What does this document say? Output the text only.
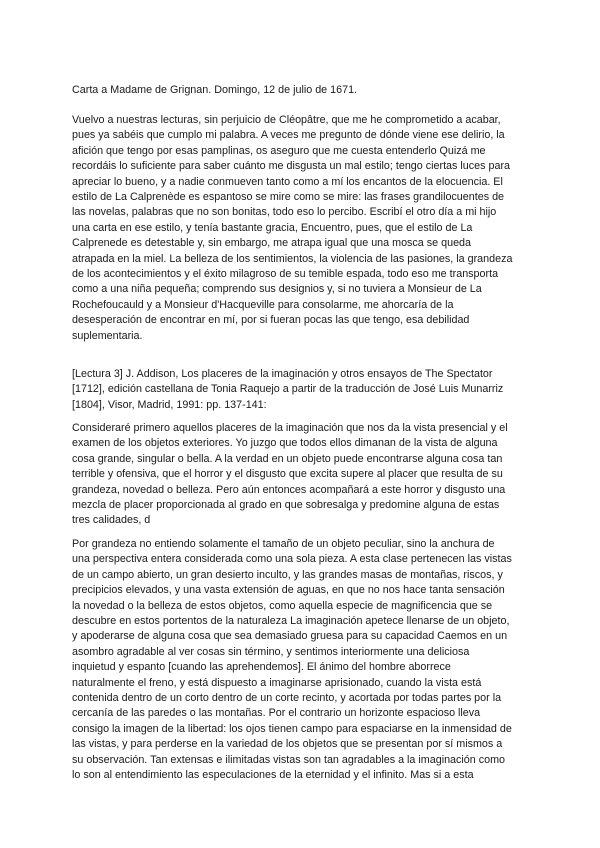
Carta a Madame de Grignan. Domingo, 12 de julio de 1671.

Vuelvo a nuestras lecturas, sin perjuicio de Cléopâtre, que me he comprometido a acabar,
pues ya sabéis que cumplo mi palabra. A veces me pregunto de dónde viene ese delirio, la
afición que tengo por esas pamplinas, os aseguro que me cuesta entenderlo Quizá me
recordáis lo suficiente para saber cuánto me disgusta un mal estilo; tengo ciertas luces para
apreciar lo bueno, y a nadie conmueven tanto como a mí los encantos de la elocuencia. El
estilo de La Calprenède es espantoso se mire como se mire: las frases grandilocuentes de
las novelas, palabras que no son bonitas, todo eso lo percibo. Escribí el otro día a mi hijo
una carta en ese estilo, y tenía bastante gracia, Encuentro, pues, que el estilo de La
Calprenede es detestable y, sin embargo, me atrapa igual que una mosca se queda
atrapada en la miel. La belleza de los sentimientos, la violencia de las pasiones, la grandeza
de los acontecimientos y el éxito milagroso de su temible espada, todo eso me transporta
como a una niña pequeña; comprendo sus designios y, si no tuviera a Monsieur de La
Rochefoucauld y a Monsieur d'Hacqueville para consolarme, me ahorcaría de la
desesperación de encontrar en mí, por si fueran pocas las que tengo, esa debilidad
suplementaria.

[Lectura 3] J. Addison, Los placeres de la imaginación y otros ensayos de The Spectator
[1712], edición castellana de Tonia Raquejo a partir de la traducción de José Luis Munarriz
[1804], Visor, Madrid, 1991: pp. 137-141:

Consideraré primero aquellos placeres de la imaginación que nos da la vista presencial y el
examen de los objetos exteriores. Yo juzgo que todos ellos dimanan de la vista de alguna
cosa grande, singular o bella. A la verdad en un objeto puede encontrarse alguna cosa tan
terrible y ofensiva, que el horror y el disgusto que excita supere al placer que resulta de su
grandeza, novedad o belleza. Pero aún entonces acompañará a este horror y disgusto una
mezcla de placer proporcionada al grado en que sobresalga y predomine alguna de estas
tres calidades, d

Por grandeza no entiendo solamente el tamaño de un objeto peculiar, sino la anchura de
una perspectiva entera considerada como una sola pieza. A esta clase pertenecen las vistas
de un campo abierto, un gran desierto inculto, y las grandes masas de montañas, riscos, y
precipicios elevados, y una vasta extensión de aguas, en que no nos hace tanta sensación
la novedad o la belleza de estos objetos, como aquella especie de magnificencia que se
descubre en estos portentos de la naturaleza La imaginación apetece llenarse de un objeto,
y apoderarse de alguna cosa que sea demasiado gruesa para su capacidad Caemos en un
asombro agradable al ver cosas sin término, y sentimos interiormente una deliciosa
inquietud y espanto [cuando las aprehendemos]. El ánimo del hombre aborrece
naturalmente el freno, y está dispuesto a imaginarse aprisionado, cuando la vista está
contenida dentro de un corto dentro de un corte recinto, y acortada por todas partes por la
cercanía de las paredes o las montañas. Por el contrario un horizonte espacioso lleva
consigo la imagen de la libertad: los ojos tienen campo para espaciarse en la inmensidad de
las vistas, y para perderse en la variedad de los objetos que se presentan por sí mismos a
su observación. Tan extensas e ilimitadas vistas son tan agradables a la imaginación como
lo son al entendimiento las especulaciones de la eternidad y el infinito. Mas si a esta
